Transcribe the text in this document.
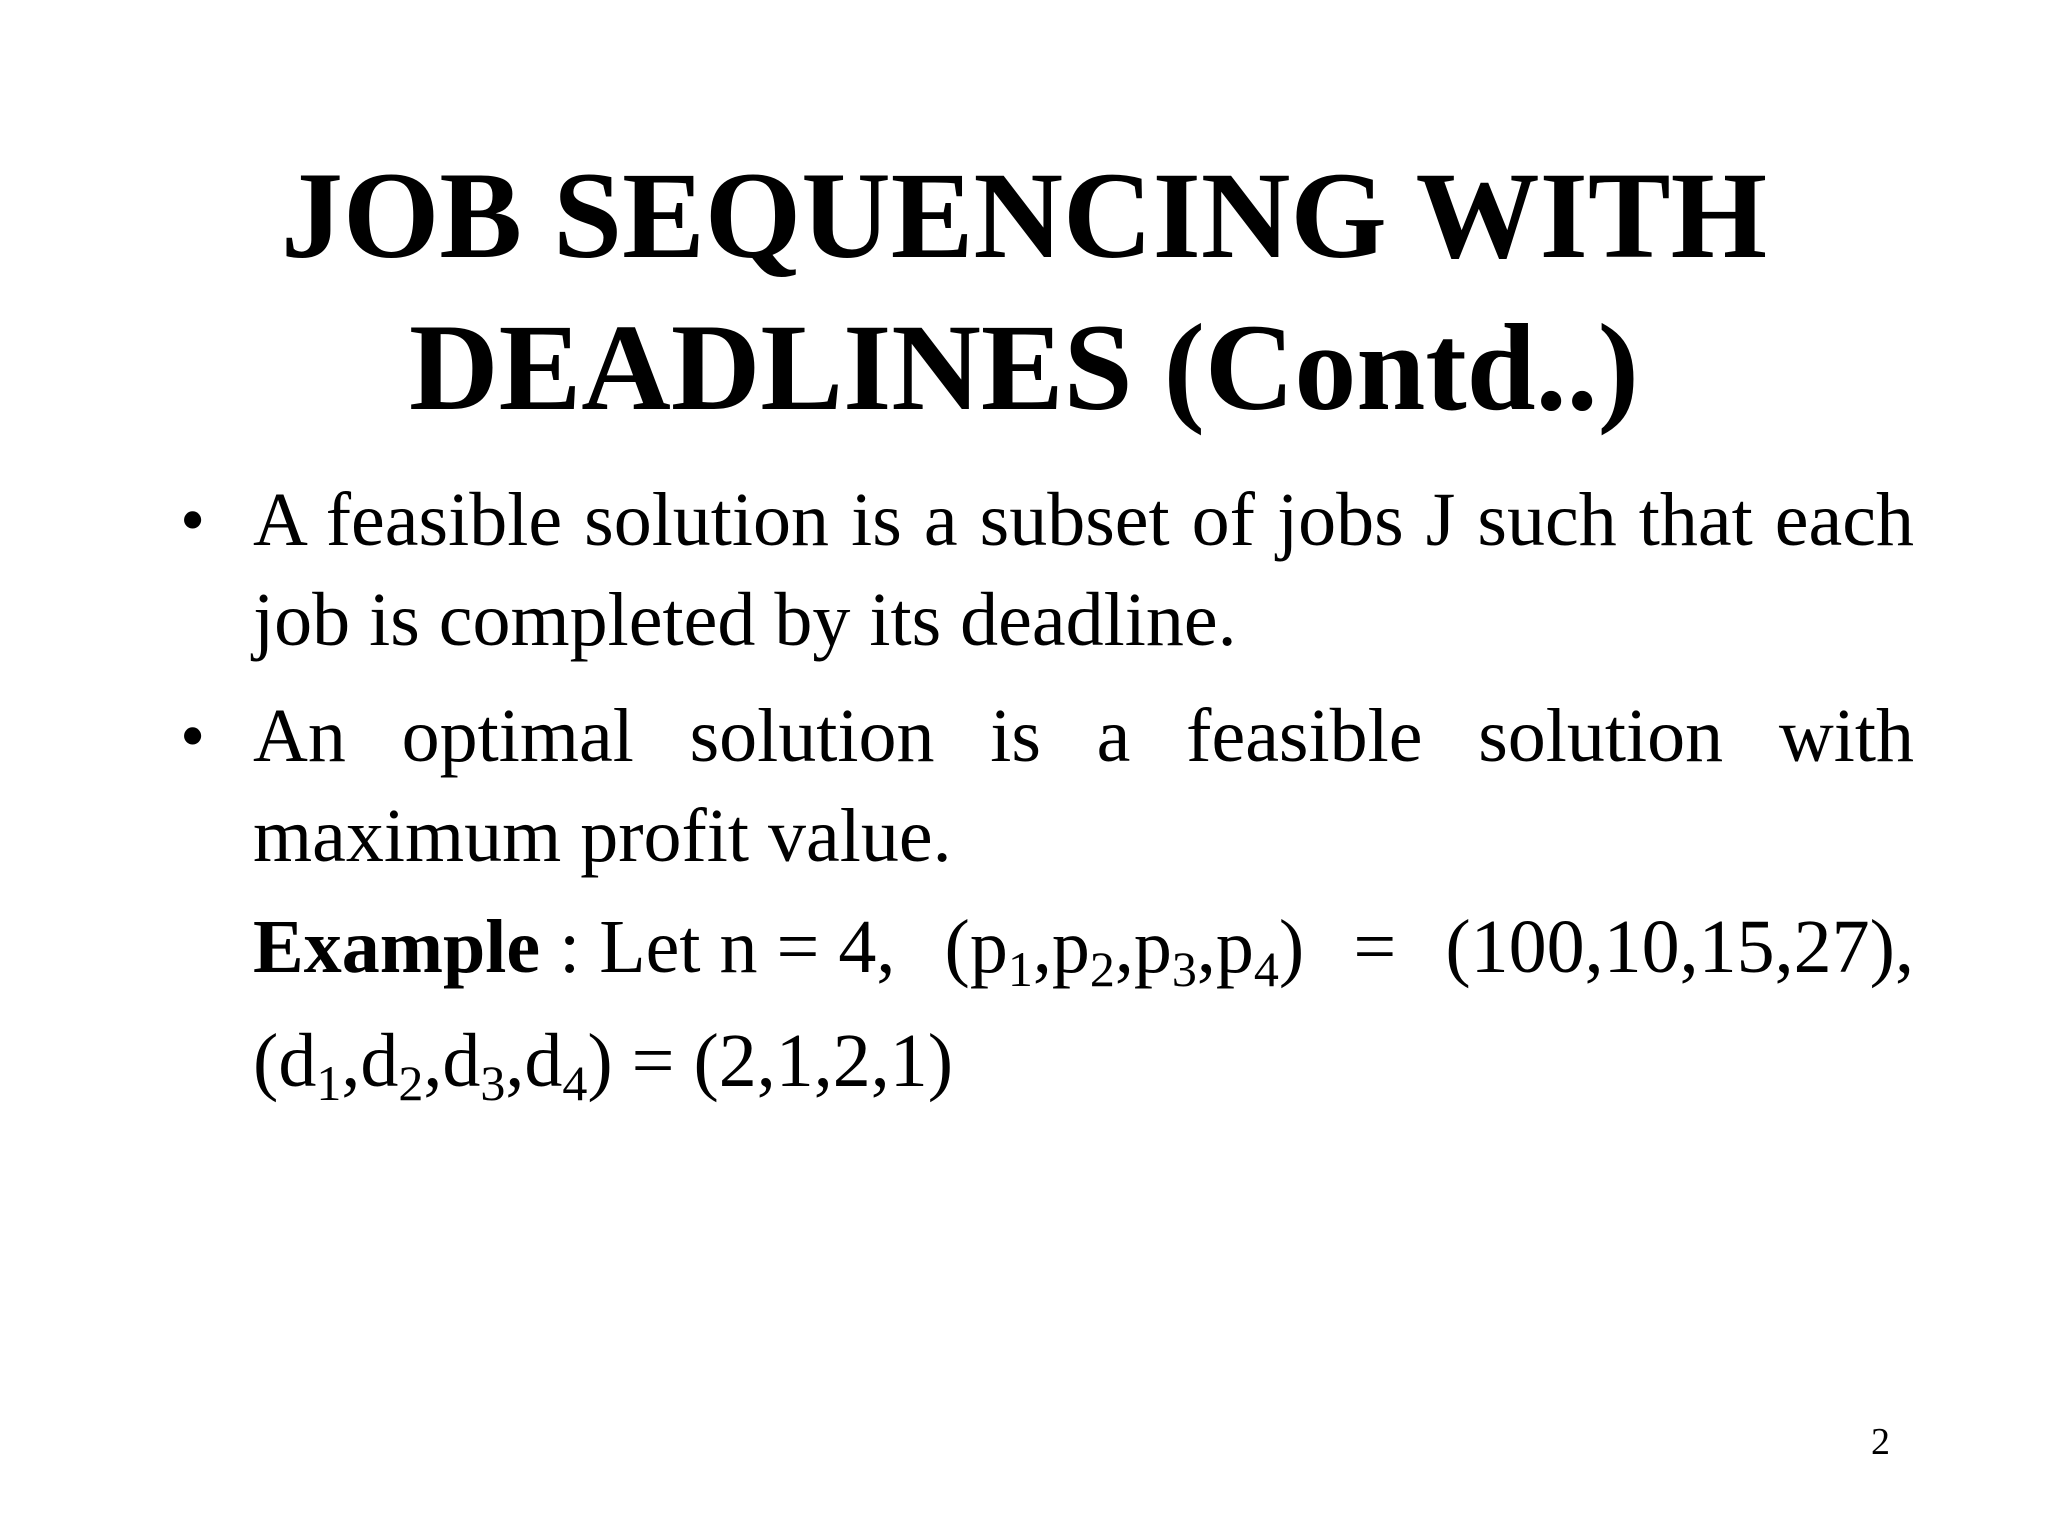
JOB SEQUENCING WITH
DEADLINES (Contd..)
• A feasible solution is a subset of jobs J such that each job is completed by its deadline.
• An optimal solution is a feasible solution with maximum profit value.
Example : Let n = 4, $(p_1,p_2,p_3,p_4) = (100,10,15,27)$,
$(d_1,d_2,d_3,d_4) = (2,1,2,1)$
2
